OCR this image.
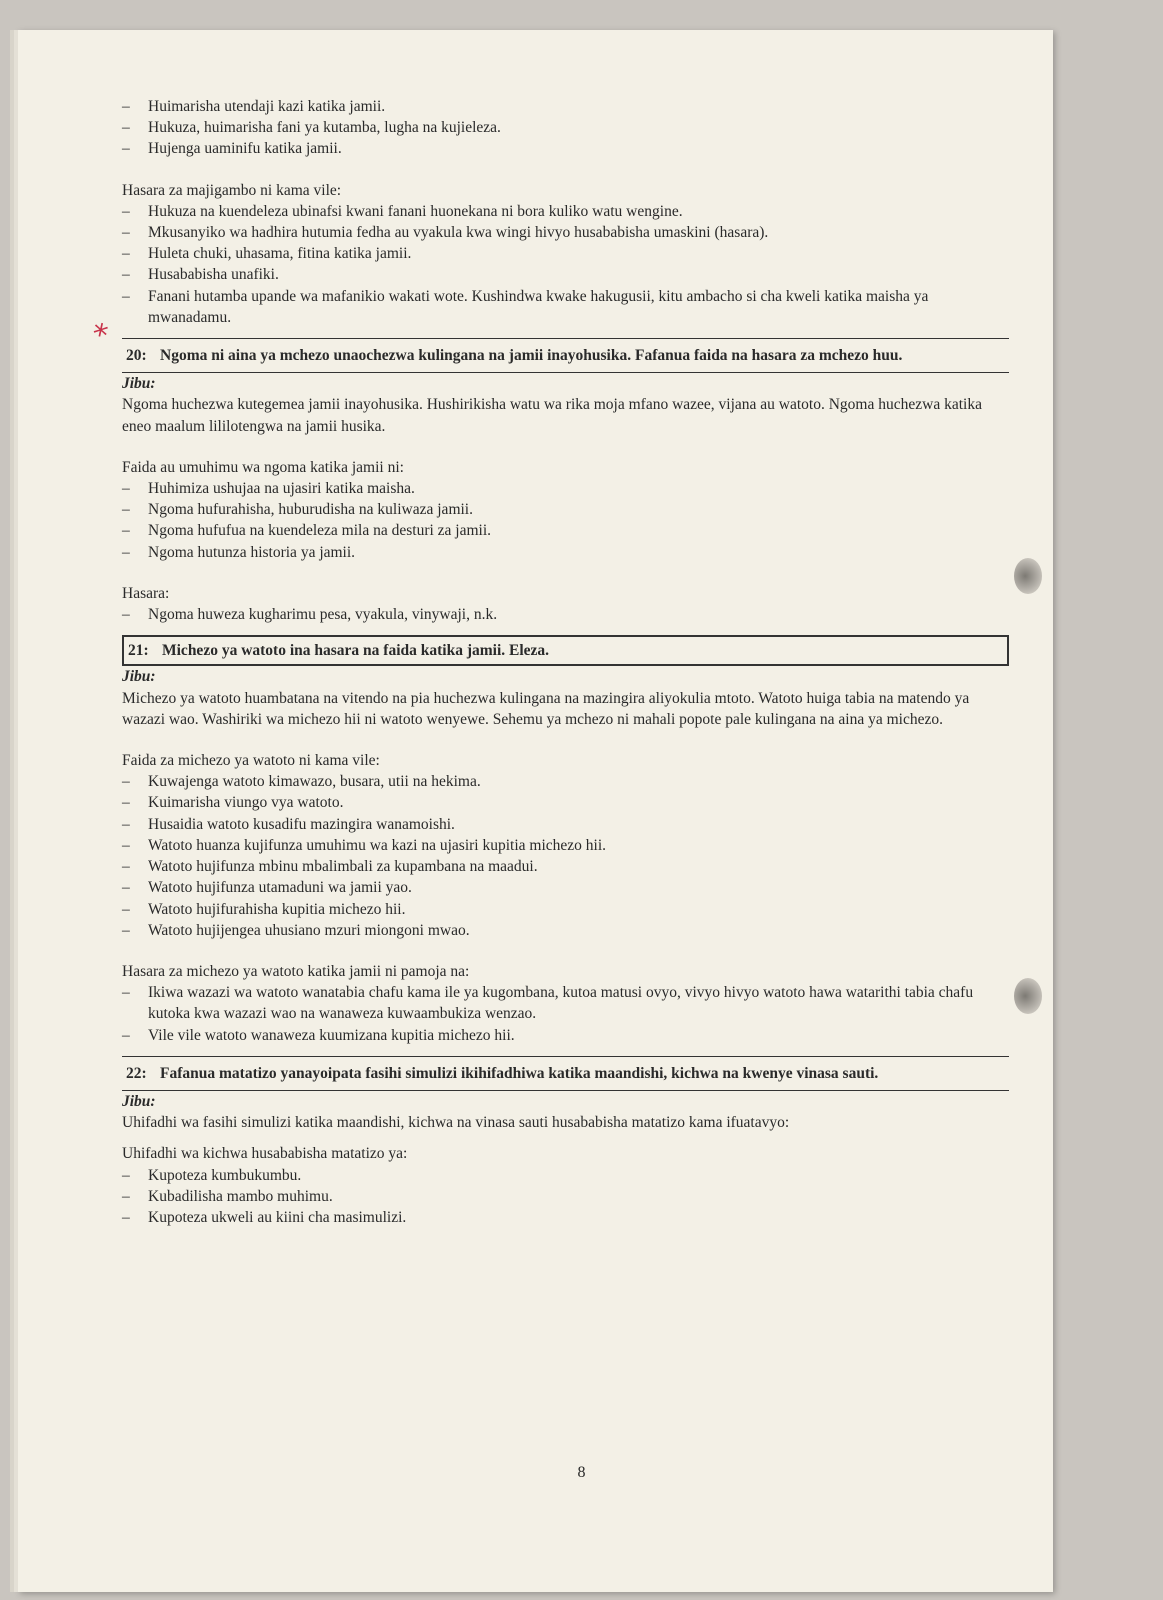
*
– Huimarisha utendaji kazi katika jamii.
– Hukuza, huimarisha fani ya kutamba, lugha na kujieleza.
– Hujenga uaminifu katika jamii.

Hasara za majigambo ni kama vile:

– Hukuza na kuendeleza ubinafsi kwani fanani huonekana ni bora kuliko watu wengine.
– Mkusanyiko wa hadhira hutumia fedha au vyakula kwa wingi hivyo husababisha umaskini (hasara).
– Huleta chuki, uhasama, fitina katika jamii.
– Husababisha unafiki.
– Fanani hutamba upande wa mafanikio wakati wote. Kushindwa kwake hakugusii, kitu ambacho si cha kweli katika maisha ya mwanadamu.
20: Ngoma ni aina ya mchezo unaochezwa kulingana na jamii inayohusika. Fafanua faida na hasara za mchezo huu.

Jibu:

Ngoma huchezwa kutegemea jamii inayohusika. Hushirikisha watu wa rika moja mfano wazee, vijana au watoto. Ngoma huchezwa katika eneo maalum lililotengwa na jamii husika.

Faida au umuhimu wa ngoma katika jamii ni:

– Huhimiza ushujaa na ujasiri katika maisha.
– Ngoma hufurahisha, huburudisha na kuliwaza jamii.
– Ngoma hufufua na kuendeleza mila na desturi za jamii.
– Ngoma hutunza historia ya jamii.

Hasara:

– Ngoma huweza kugharimu pesa, vyakula, vinywaji, n.k.
21: Michezo ya watoto ina hasara na faida katika jamii. Eleza.

Jibu:

Michezo ya watoto huambatana na vitendo na pia huchezwa kulingana na mazingira aliyokulia mtoto. Watoto huiga tabia na matendo ya wazazi wao. Washiriki wa michezo hii ni watoto wenyewe. Sehemu ya mchezo ni mahali popote pale kulingana na aina ya michezo.

Faida za michezo ya watoto ni kama vile:

– Kuwajenga watoto kimawazo, busara, utii na hekima.
– Kuimarisha viungo vya watoto.
– Husaidia watoto kusadifu mazingira wanamoishi.
– Watoto huanza kujifunza umuhimu wa kazi na ujasiri kupitia michezo hii.
– Watoto hujifunza mbinu mbalimbali za kupambana na maadui.
– Watoto hujifunza utamaduni wa jamii yao.
– Watoto hujifurahisha kupitia michezo hii.
– Watoto hujijengea uhusiano mzuri miongoni mwao.

Hasara za michezo ya watoto katika jamii ni pamoja na:

– Ikiwa wazazi wa watoto wanatabia chafu kama ile ya kugombana, kutoa matusi ovyo, vivyo hivyo watoto hawa watarithi tabia chafu kutoka kwa wazazi wao na wanaweza kuwaambukiza wenzao.
– Vile vile watoto wanaweza kuumizana kupitia michezo hii.
22: Fafanua matatizo yanayoipata fasihi simulizi ikihifadhiwa katika maandishi, kichwa na kwenye vinasa sauti.

Jibu:

Uhifadhi wa fasihi simulizi katika maandishi, kichwa na vinasa sauti husababisha matatizo kama ifuatavyo:

Uhifadhi wa kichwa husababisha matatizo ya:

– Kupoteza kumbukumbu.
– Kubadilisha mambo muhimu.
– Kupoteza ukweli au kiini cha masimulizi.
8
